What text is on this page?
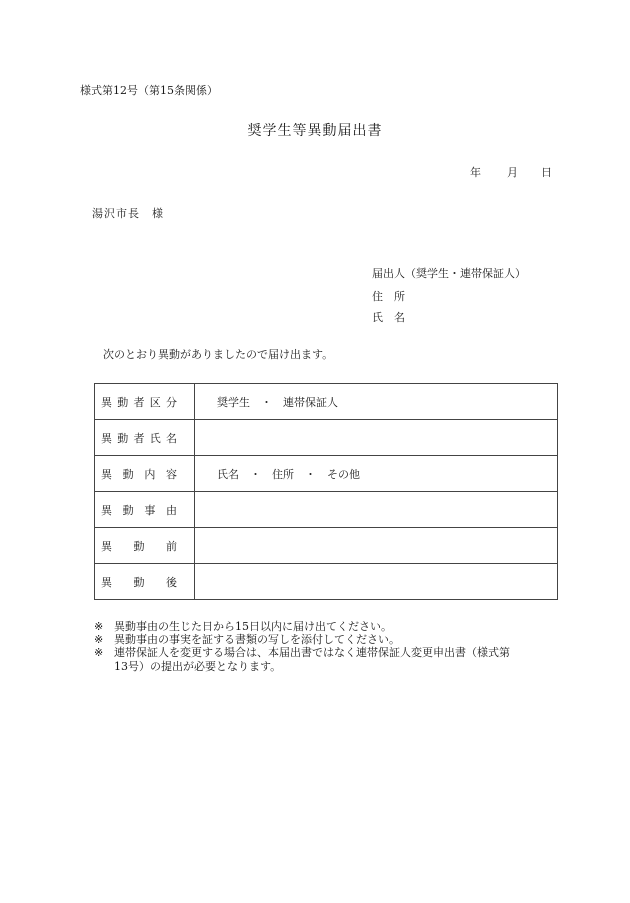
様式第12号（第15条関係）
奨学生等異動届出書
年 月 日
湯沢市長　様
届出人（奨学生・連帯保証人）
住　所
氏　名
次のとおり異動がありましたので届け出ます。
異 動 者 区 分	奨学生　・　連帯保証人

異 動 者 氏 名	

異 動 内 容	氏名　・　住所　・　その他

異 動 事 由	

異 動 前	

異 動 後	

※ 異動事由の生じた日から15日以内に届け出てください。
※ 異動事由の事実を証する書類の写しを添付してください。
※ 連帯保証人を変更する場合は、本届出書ではなく連帯保証人変更申出書（様式第13号）の提出が必要となります。
